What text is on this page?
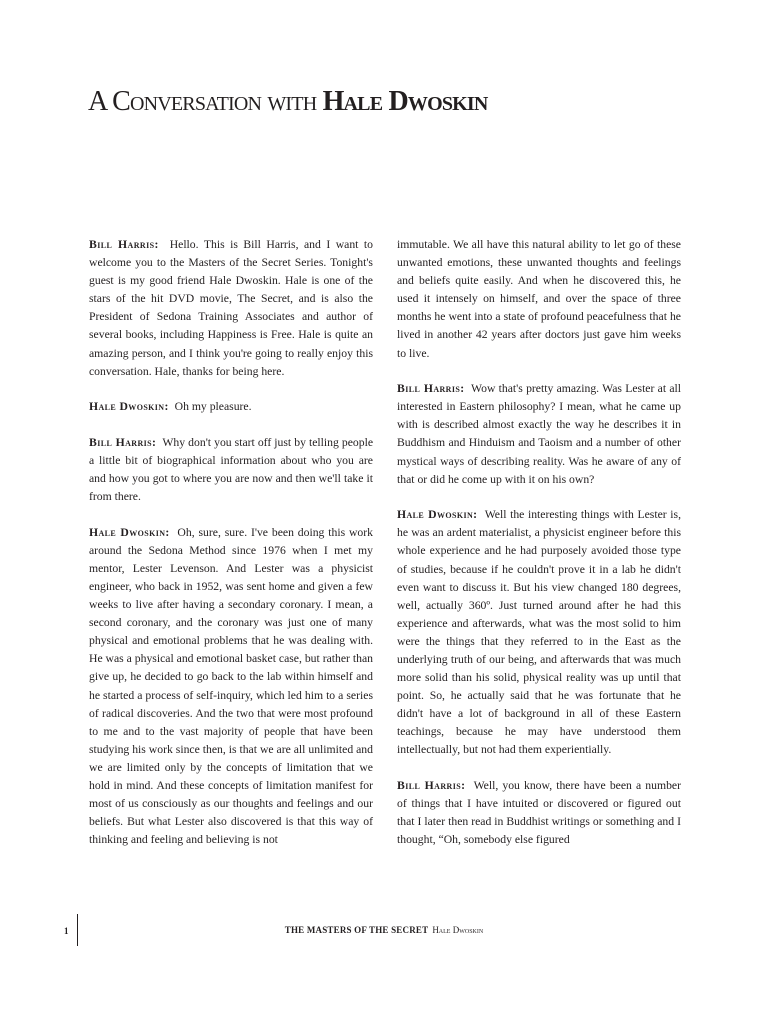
A Conversation with Hale Dwoskin

Bill Harris: Hello. This is Bill Harris, and I want to welcome you to the Masters of the Secret Series. Tonight's guest is my good friend Hale Dwoskin. Hale is one of the stars of the hit DVD movie, The Secret, and is also the President of Sedona Training Associates and author of several books, including Happiness is Free. Hale is quite an amazing person, and I think you're going to really enjoy this conversation. Hale, thanks for being here.

Hale Dwoskin: Oh my pleasure.

Bill Harris: Why don't you start off just by telling people a little bit of biographical information about who you are and how you got to where you are now and then we'll take it from there.

Hale Dwoskin: Oh, sure, sure. I've been doing this work around the Sedona Method since 1976 when I met my mentor, Lester Levenson. And Lester was a physicist engineer, who back in 1952, was sent home and given a few weeks to live after having a secondary coronary. I mean, a second coronary, and the coronary was just one of many physical and emotional problems that he was dealing with. He was a physical and emotional basket case, but rather than give up, he decided to go back to the lab within himself and he started a process of self-inquiry, which led him to a series of radical discoveries. And the two that were most profound to me and to the vast majority of people that have been studying his work since then, is that we are all unlimited and we are limited only by the concepts of limitation that we hold in mind. And these concepts of limitation manifest for most of us consciously as our thoughts and feelings and our beliefs. But what Lester also discovered is that this way of thinking and feeling and believing is not

immutable. We all have this natural ability to let go of these unwanted emotions, these unwanted thoughts and feelings and beliefs quite easily. And when he discovered this, he used it intensely on himself, and over the space of three months he went into a state of profound peacefulness that he lived in another 42 years after doctors just gave him weeks to live.

Bill Harris: Wow that's pretty amazing. Was Lester at all interested in Eastern philosophy? I mean, what he came up with is described almost exactly the way he describes it in Buddhism and Hinduism and Taoism and a number of other mystical ways of describing reality. Was he aware of any of that or did he come up with it on his own?

Hale Dwoskin: Well the interesting things with Lester is, he was an ardent materialist, a physicist engineer before this whole experience and he had purposely avoided those type of studies, because if he couldn't prove it in a lab he didn't even want to discuss it. But his view changed 180 degrees, well, actually 360º. Just turned around after he had this experience and afterwards, what was the most solid to him were the things that they referred to in the East as the underlying truth of our being, and afterwards that was much more solid than his solid, physical reality was up until that point. So, he actually said that he was fortunate that he didn't have a lot of background in all of these Eastern teachings, because he may have understood them intellectually, but not had them experientially.

Bill Harris: Well, you know, there have been a number of things that I have intuited or discovered or figured out that I later then read in Buddhist writings or something and I thought, “Oh, somebody else figured

1	THE MASTERS OF THE SECRET Hale Dwoskin
